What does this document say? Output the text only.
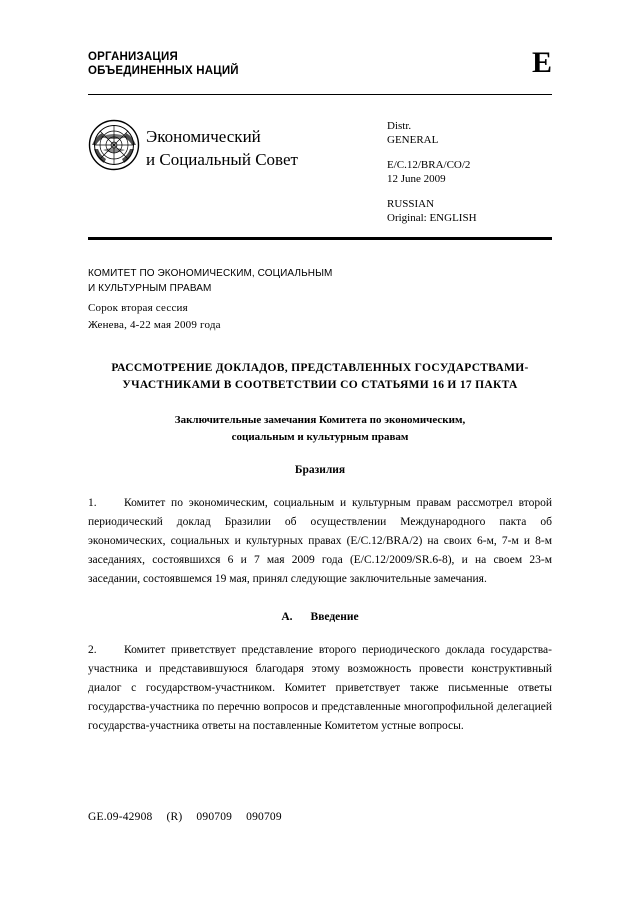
ОРГАНИЗАЦИЯ
ОБЪЕДИНЕННЫХ НАЦИЙ	E
Экономический
и Социальный Совет
Distr.
GENERAL
E/C.12/BRA/CO/2
12 June 2009
RUSSIAN
Original: ENGLISH
КОМИТЕТ ПО ЭКОНОМИЧЕСКИМ, СОЦИАЛЬНЫМ
И КУЛЬТУРНЫМ ПРАВАМ
Сорок вторая сессия
Женева, 4-22 мая 2009 года
РАССМОТРЕНИЕ ДОКЛАДОВ, ПРЕДСТАВЛЕННЫХ ГОСУДАРСТВАМИ-
УЧАСТНИКАМИ В СООТВЕТСТВИИ СО СТАТЬЯМИ 16 И 17 ПАКТА
Заключительные замечания Комитета по экономическим,
социальным и культурным правам
Бразилия
1. Комитет по экономическим, социальным и культурным правам рассмотрел второй периодический доклад Бразилии об осуществлении Международного пакта об экономических, социальных и культурных правах (E/C.12/BRA/2) на своих 6-м, 7-м и 8-м заседаниях, состоявшихся 6 и 7 мая 2009 года (E/C.12/2009/SR.6-8), и на своем 23-м заседании, состоявшемся 19 мая, принял следующие заключительные замечания.
А. Введение
2. Комитет приветствует представление второго периодического доклада государства-участника и представившуюся благодаря этому возможность провести конструктивный диалог с государством-участником. Комитет приветствует также письменные ответы государства-участника по перечню вопросов и представленные многопрофильной делегацией государства-участника ответы на поставленные Комитетом устные вопросы.
GE.09-42908 (R) 090709 090709
